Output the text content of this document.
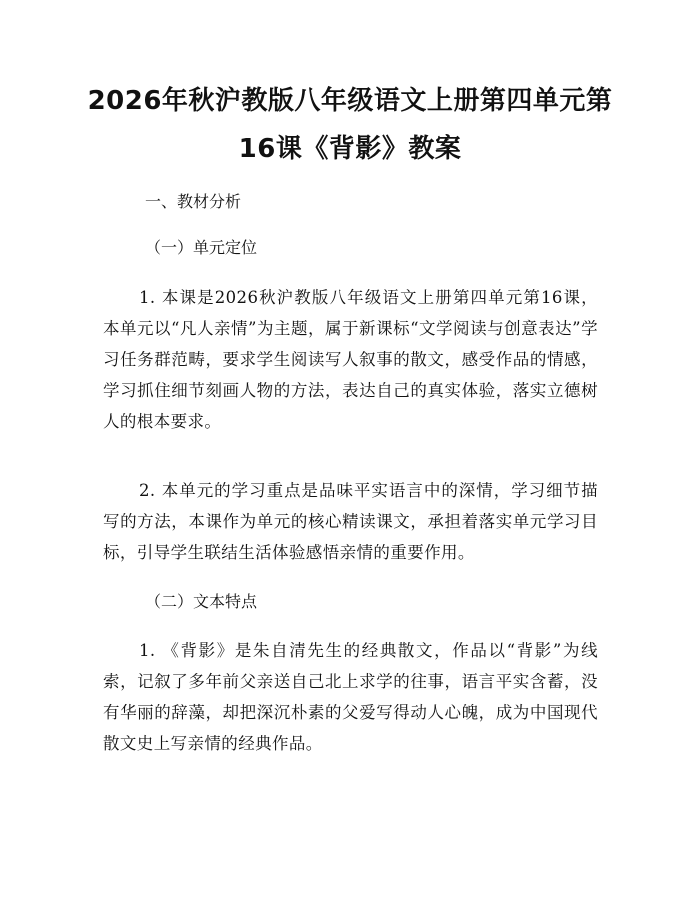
2026年秋沪教版八年级语文上册第四单元第
16课《背影》教案
一、教材分析
（一）单元定位

1. 本课是2026秋沪教版八年级语文上册第四单元第16课，本单元以“凡人亲情”为主题，属于新课标“文学阅读与创意表达”学习任务群范畴，要求学生阅读写人叙事的散文，感受作品的情感，学习抓住细节刻画人物的方法，表达自己的真实体验，落实立德树人的根本要求。

2. 本单元的学习重点是品味平实语言中的深情，学习细节描写的方法，本课作为单元的核心精读课文，承担着落实单元学习目标，引导学生联结生活体验感悟亲情的重要作用。

（二）文本特点

1. 《背影》是朱自清先生的经典散文，作品以“背影”为线索，记叙了多年前父亲送自己北上求学的往事，语言平实含蓄，没有华丽的辞藻，却把深沉朴素的父爱写得动人心魄，成为中国现代散文史上写亲情的经典作品。
